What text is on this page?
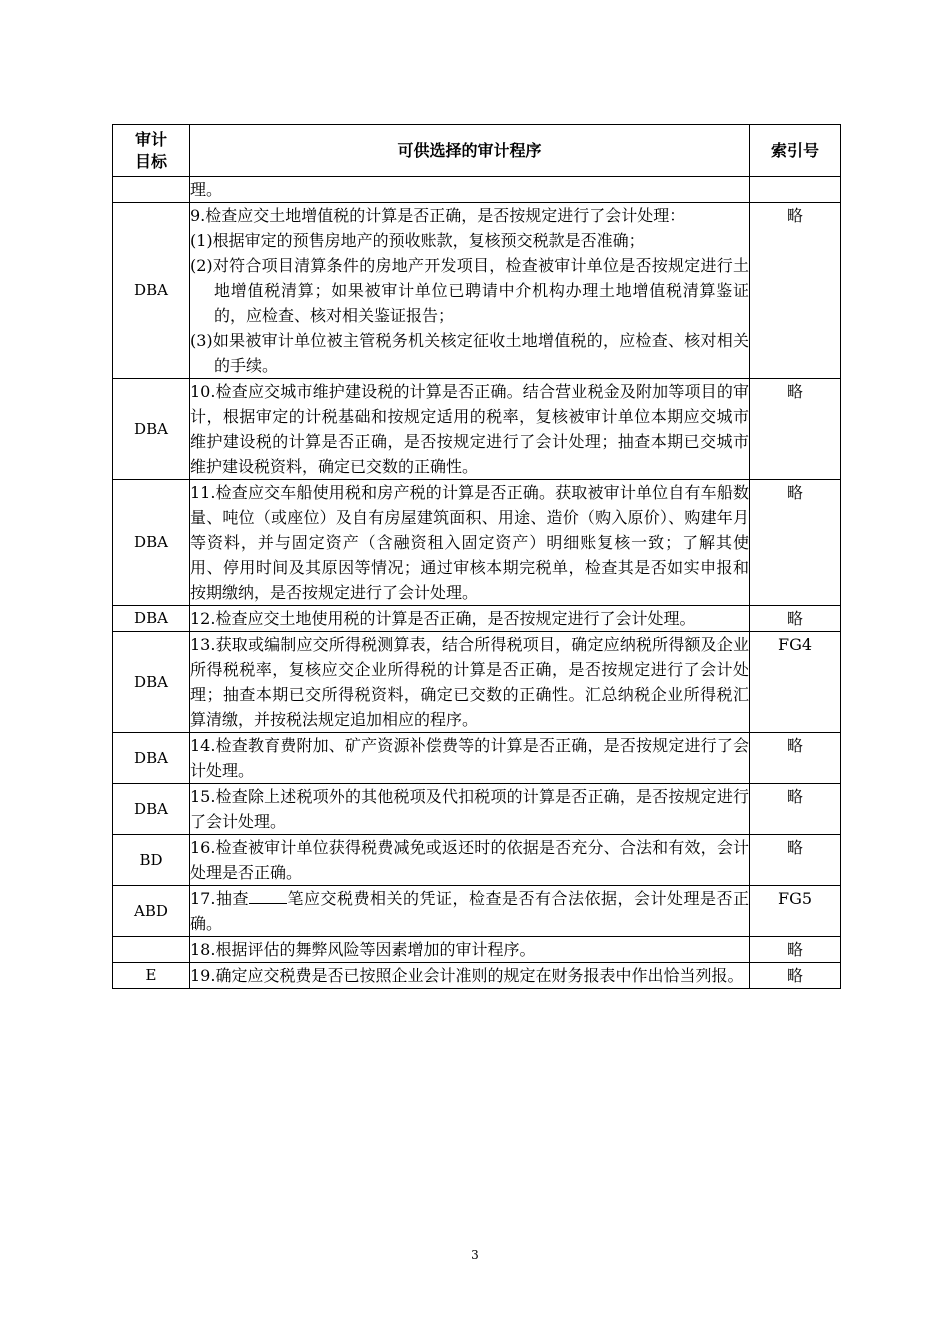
审计
目标	可供选择的审计程序	索引号

	理。	

DBA	9.检查应交土地增值税的计算是否正确，是否按规定进行了会计处理：
(1)根据审定的预售房地产的预收账款，复核预交税款是否准确；
(2)对符合项目清算条件的房地产开发项目，检查被审计单位是否按规定进行土地增值税清算；如果被审计单位已聘请中介机构办理土地增值税清算鉴证的，应检查、核对相关鉴证报告；
(3)如果被审计单位被主管税务机关核定征收土地增值税的，应检查、核对相关的手续。	略
DBA	10.检查应交城市维护建设税的计算是否正确。结合营业税金及附加等项目的审计，根据审定的计税基础和按规定适用的税率，复核被审计单位本期应交城市维护建设税的计算是否正确，是否按规定进行了会计处理；抽查本期已交城市维护建设税资料，确定已交数的正确性。	略
DBA	11.检查应交车船使用税和房产税的计算是否正确。获取被审计单位自有车船数量、吨位（或座位）及自有房屋建筑面积、用途、造价（购入原价）、购建年月等资料，并与固定资产（含融资租入固定资产）明细账复核一致；了解其使用、停用时间及其原因等情况；通过审核本期完税单，检查其是否如实申报和按期缴纳，是否按规定进行了会计处理。	略
DBA	12.检查应交土地使用税的计算是否正确，是否按规定进行了会计处理。	略
DBA	13.获取或编制应交所得税测算表，结合所得税项目，确定应纳税所得额及企业所得税税率，复核应交企业所得税的计算是否正确，是否按规定进行了会计处理；抽查本期已交所得税资料，确定已交数的正确性。汇总纳税企业所得税汇算清缴，并按税法规定追加相应的程序。	FG4
DBA	14.检查教育费附加、矿产资源补偿费等的计算是否正确，是否按规定进行了会计处理。	略
DBA	15.检查除上述税项外的其他税项及代扣税项的计算是否正确，是否按规定进行了会计处理。	略
BD	16.检查被审计单位获得税费减免或返还时的依据是否充分、合法和有效，会计处理是否正确。	略
ABD	17.抽查 笔应交税费相关的凭证，检查是否有合法依据，会计处理是否正确。	FG5

	18.根据评估的舞弊风险等因素增加的审计程序。	略
E	19.确定应交税费是否已按照企业会计准则的规定在财务报表中作出恰当列报。	略
3
